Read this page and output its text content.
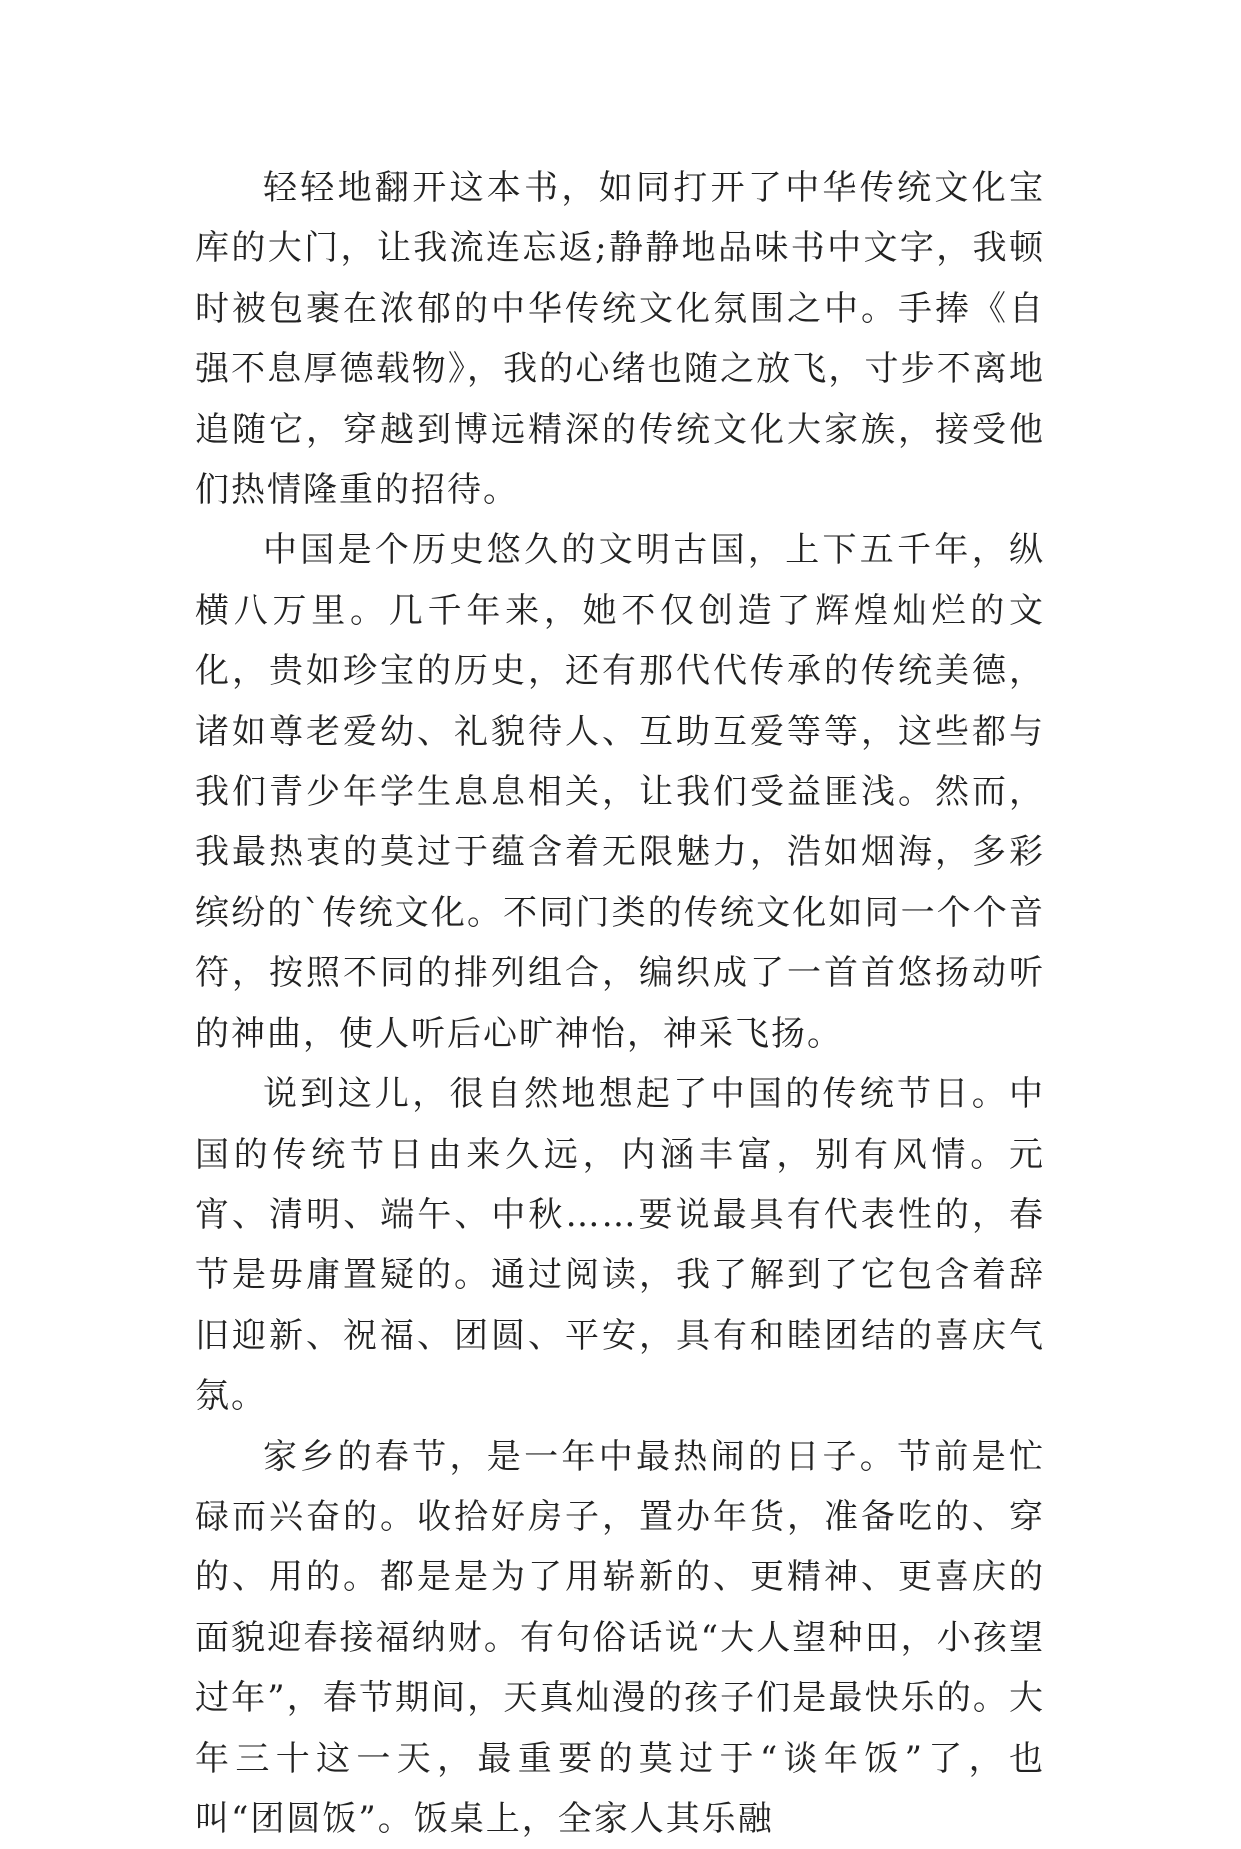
轻轻地翻开这本书，如同打开了中华传统文化宝库的大门，让我流连忘返;静静地品味书中文字，我顿时被包裹在浓郁的中华传统文化氛围之中。手捧《自强不息厚德载物》，我的心绪也随之放飞，寸步不离地追随它，穿越到博远精深的传统文化大家族，接受他们热情隆重的招待。

中国是个历史悠久的文明古国，上下五千年，纵横八万里。几千年来，她不仅创造了辉煌灿烂的文化，贵如珍宝的历史，还有那代代传承的传统美德，诸如尊老爱幼、礼貌待人、互助互爱等等，这些都与我们青少年学生息息相关，让我们受益匪浅。然而，我最热衷的莫过于蕴含着无限魅力，浩如烟海，多彩缤纷的`传统文化。不同门类的传统文化如同一个个音符，按照不同的排列组合，编织成了一首首悠扬动听的神曲，使人听后心旷神怡，神采飞扬。

说到这儿，很自然地想起了中国的传统节日。中国的传统节日由来久远，内涵丰富，别有风情。元宵、清明、端午、中秋……要说最具有代表性的，春节是毋庸置疑的。通过阅读，我了解到了它包含着辞旧迎新、祝福、团圆、平安，具有和睦团结的喜庆气氛。

家乡的春节，是一年中最热闹的日子。节前是忙碌而兴奋的。收拾好房子，置办年货，准备吃的、穿的、用的。都是是为了用崭新的、更精神、更喜庆的面貌迎春接福纳财。有句俗话说“大人望种田，小孩望过年”，春节期间，天真灿漫的孩子们是最快乐的。大年三十这一天，最重要的莫过于“谈年饭”了，也叫“团圆饭”。饭桌上，全家人其乐融
